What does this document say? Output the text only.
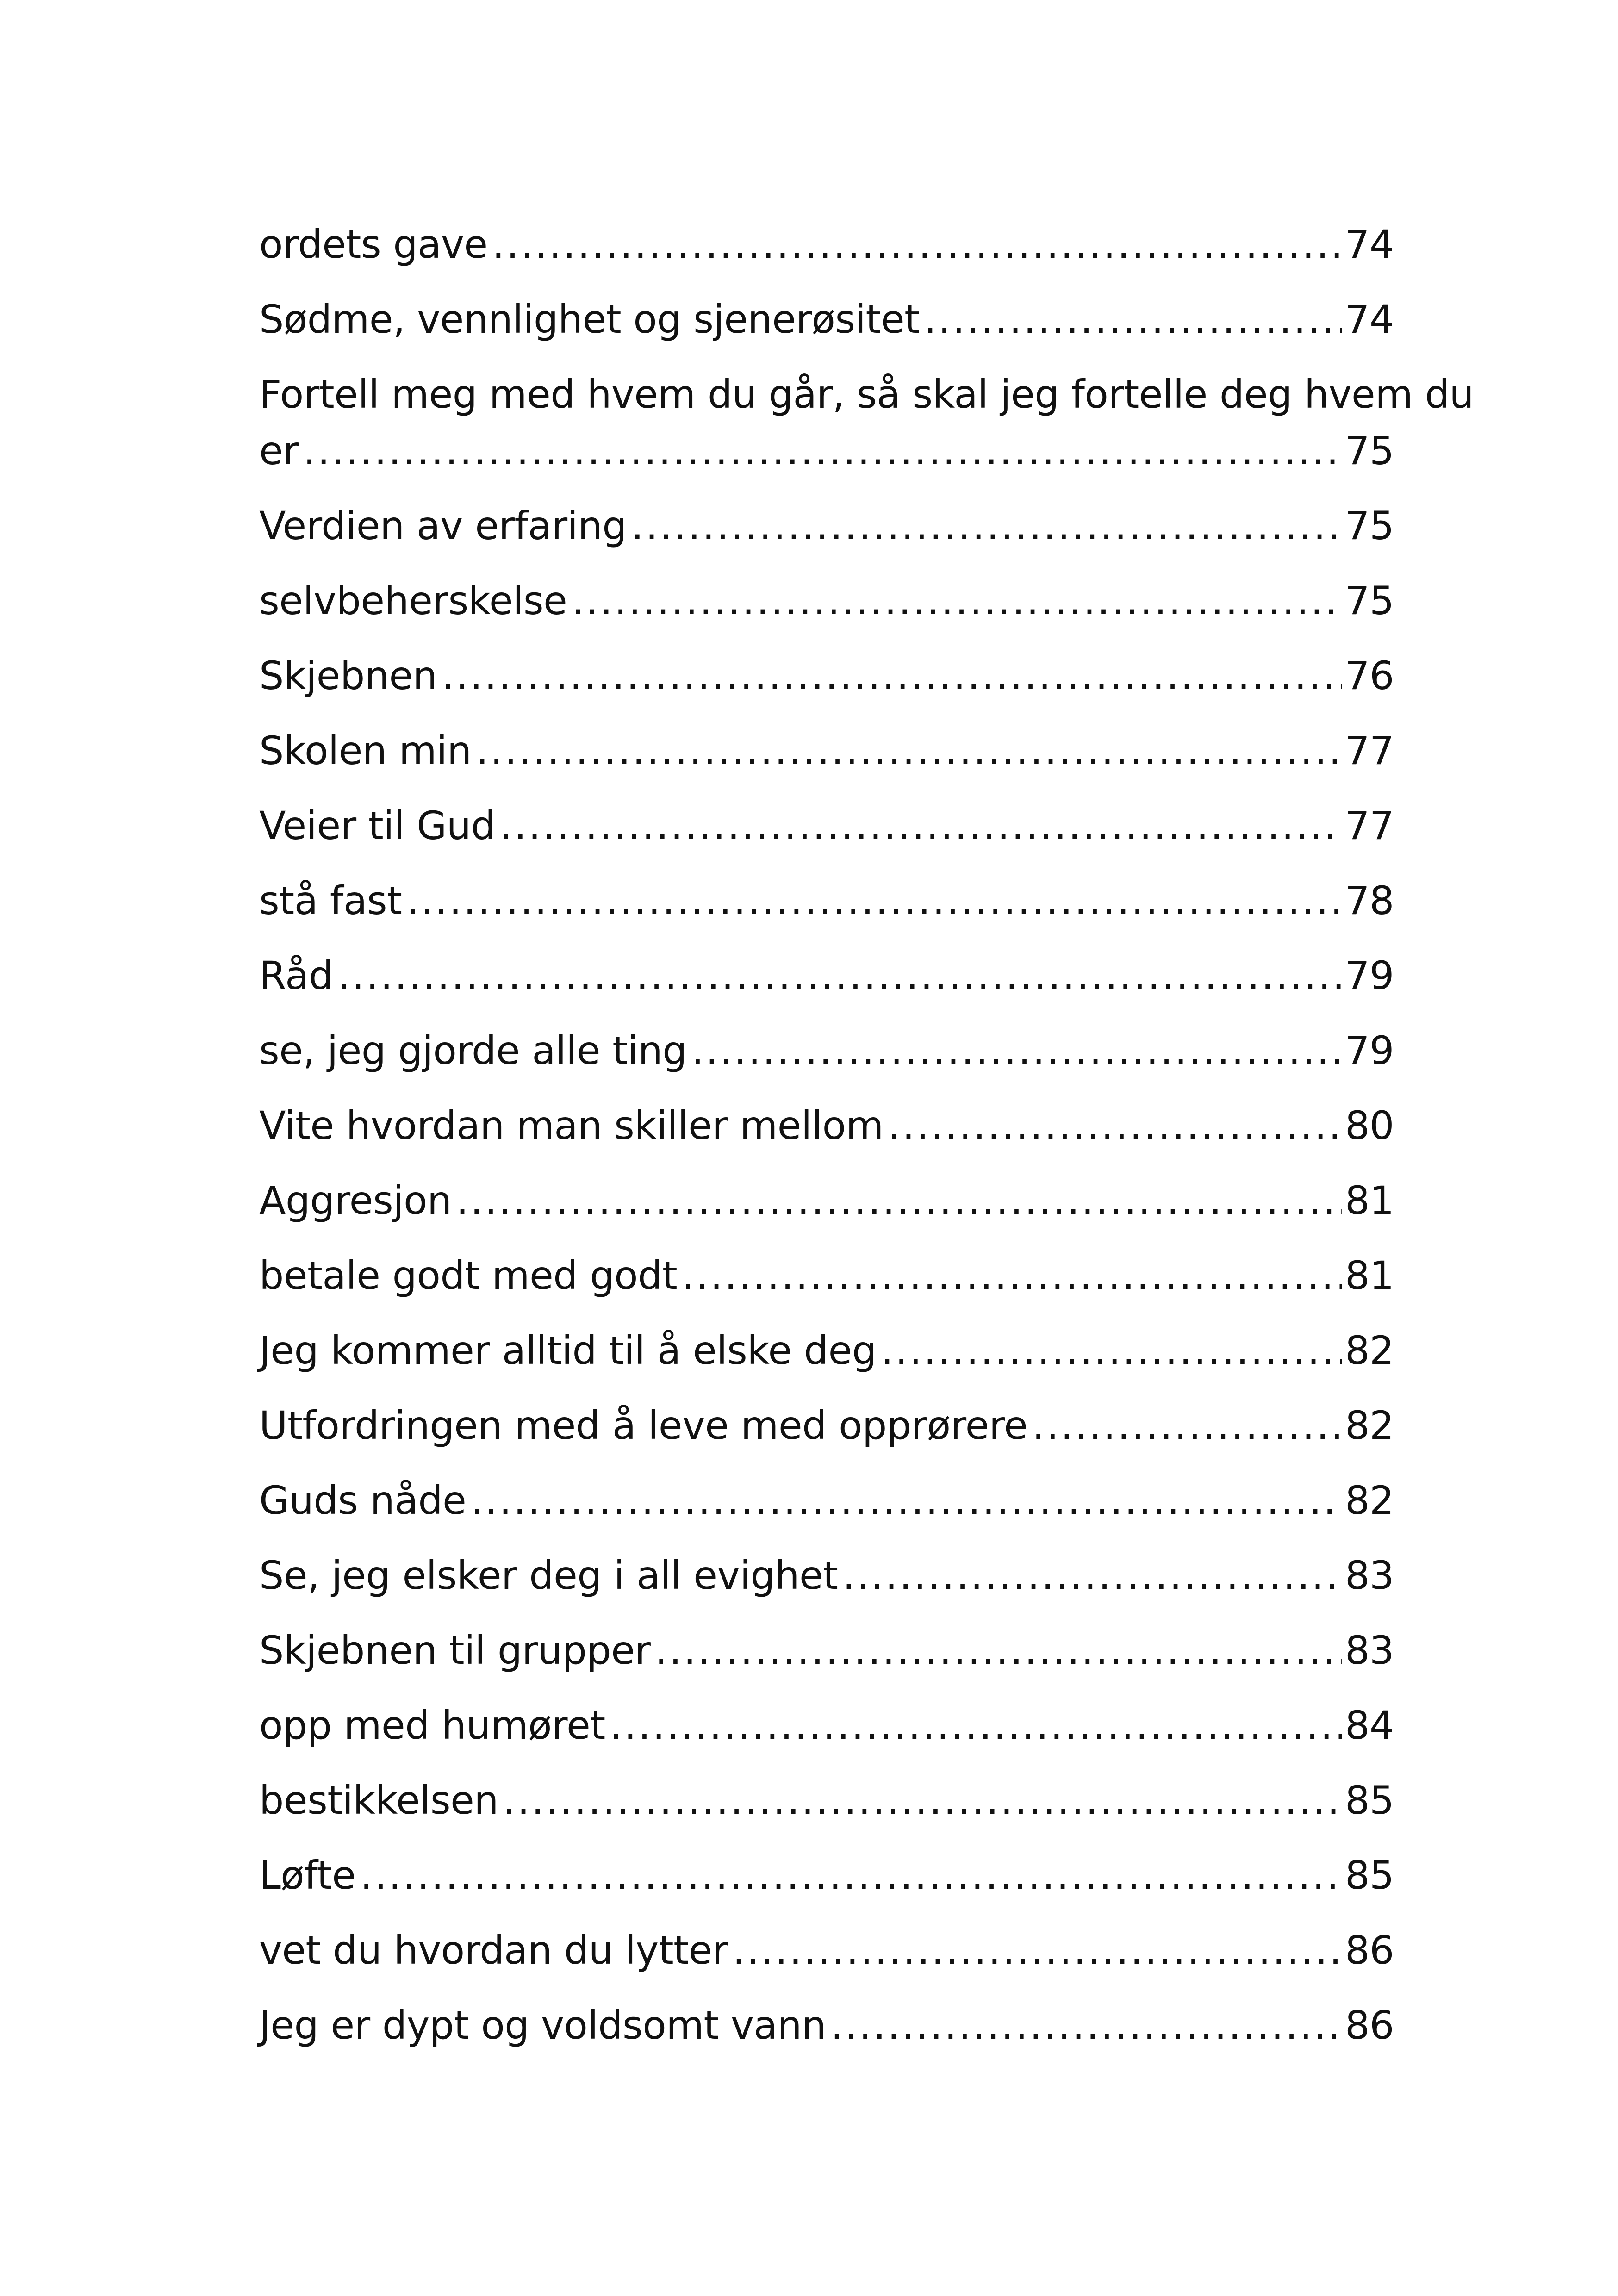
ordets gave .....	74
Sødme, vennlighet og sjenerøsitet .....	74
Fortell meg med hvem du går, så skal jeg fortelle deg hvem du
er .....	75
Verdien av erfaring .....	75
selvbeherskelse .....	75
Skjebnen .....	76
Skolen min .....	77
Veier til Gud .....	77
stå fast .....	78
Råd .....	79
se, jeg gjorde alle ting .....	79
Vite hvordan man skiller mellom .....	80
Aggresjon .....	81
betale godt med godt .....	81
Jeg kommer alltid til å elske deg .....	82
Utfordringen med å leve med opprørere .....	82
Guds nåde .....	82
Se, jeg elsker deg i all evighet .....	83
Skjebnen til grupper .....	83
opp med humøret .....	84
bestikkelsen .....	85
Løfte .....	85
vet du hvordan du lytter .....	86
Jeg er dypt og voldsomt vann .....	86
